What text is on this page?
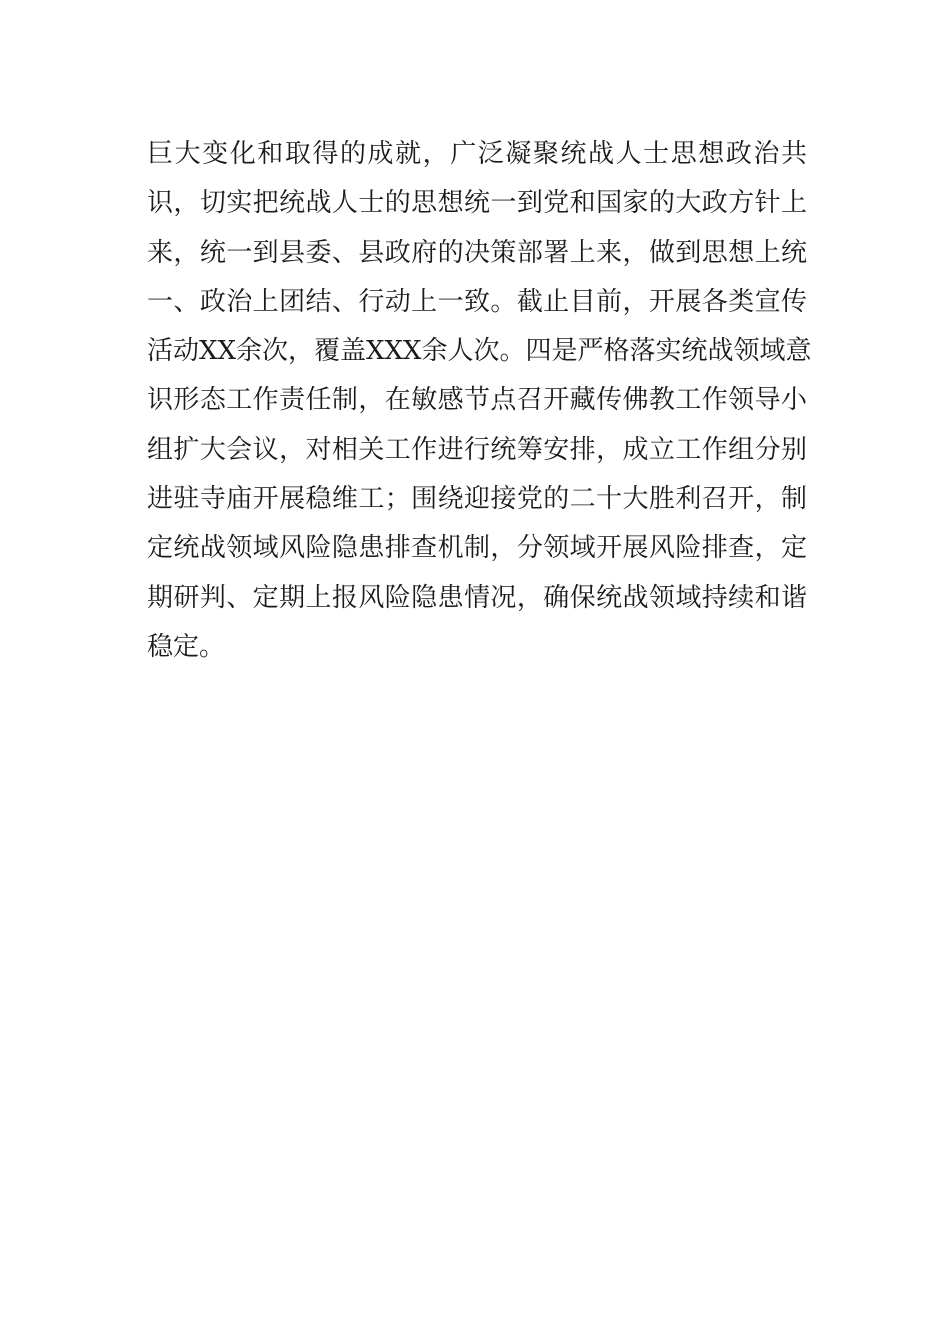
巨大变化和取得的成就，广泛凝聚统战人士思想政治共
识，切实把统战人士的思想统一到党和国家的大政方针上
来，统一到县委、县政府的决策部署上来，做到思想上统
一、政治上团结、行动上一致。截止目前，开展各类宣传
活动XX余次，覆盖XXX余人次。四是严格落实统战领域意
识形态工作责任制，在敏感节点召开藏传佛教工作领导小
组扩大会议，对相关工作进行统筹安排，成立工作组分别
进驻寺庙开展稳维工；围绕迎接党的二十大胜利召开，制
定统战领域风险隐患排查机制，分领域开展风险排查，定
期研判、定期上报风险隐患情况，确保统战领域持续和谐
稳定。
